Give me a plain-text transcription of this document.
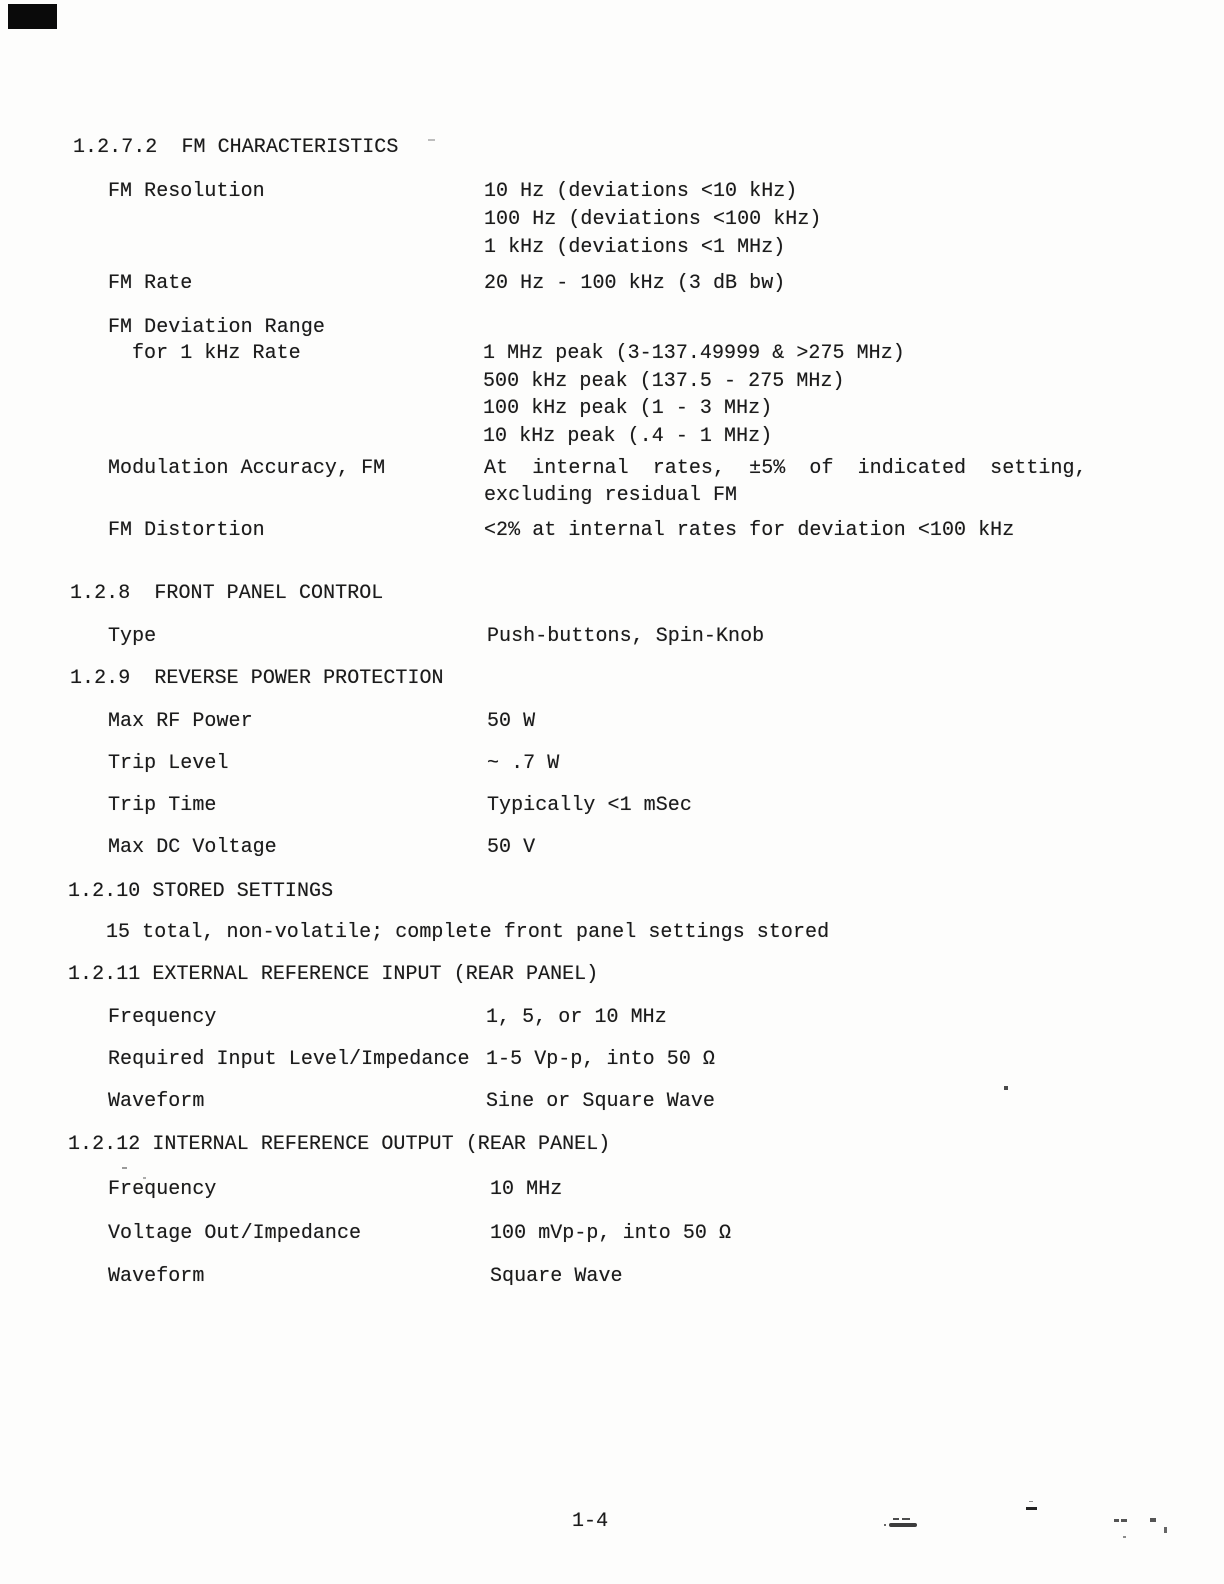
1.2.7.2  FM CHARACTERISTICS
FM Resolution	10 Hz (deviations <10 kHz)
100 Hz (deviations <100 kHz)
1 kHz (deviations <1 MHz)
FM Rate	20 Hz - 100 kHz (3 dB bw)
FM Deviation Range
for 1 kHz Rate	1 MHz peak (3-137.49999 & >275 MHz)
500 kHz peak (137.5 - 275 MHz)
100 kHz peak (1 - 3 MHz)
10 kHz peak (.4 - 1 MHz)
Modulation Accuracy, FM	At  internal  rates,  ±5%  of  indicated  setting,
excluding residual FM
FM Distortion	<2% at internal rates for deviation <100 kHz
1.2.8  FRONT PANEL CONTROL
Type	Push-buttons, Spin-Knob
1.2.9  REVERSE POWER PROTECTION
Max RF Power	50 W
Trip Level	~ .7 W
Trip Time	Typically <1 mSec
Max DC Voltage	50 V
1.2.10 STORED SETTINGS
15 total, non-volatile; complete front panel settings stored
1.2.11 EXTERNAL REFERENCE INPUT (REAR PANEL)
Frequency	1, 5, or 10 MHz
Required Input Level/Impedance 1-5 Vp-p, into 50 Ω
Waveform	Sine or Square Wave
1.2.12 INTERNAL REFERENCE OUTPUT (REAR PANEL)
Frequency	10 MHz
Voltage Out/Impedance	100 mVp-p, into 50 Ω
Waveform	Square Wave
1-4
